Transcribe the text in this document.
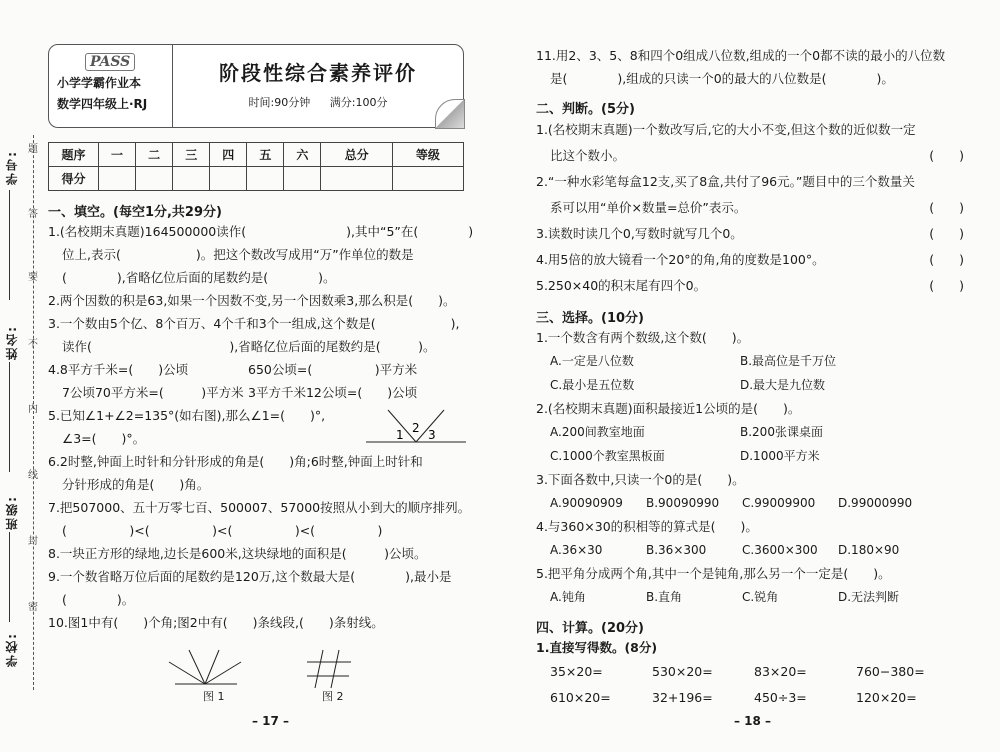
学号:
姓名:
班级:
学校:
题
答
要
不
内
线
封
密
PASS
小学学霸作业本
数学四年级上·RJ
阶段性综合素养评价
时间:90分钟 满分:100分
题序	一	二	三	四	五	六	总分	等级
得分								
一、填空。(每空1分,共29分)
1.(名校期末真题)164500000读作(　　　　　　　　),其中“5”在(　　　　)
位上,表示(　　　　　　)。把这个数改写成用“万”作单位的数是
(　　　　),省略亿位后面的尾数约是(　　　　)。
2.两个因数的积是63,如果一个因数不变,另一个因数乘3,那么积是(　　)。
3.一个数由5个亿、8个百万、4个千和3个一组成,这个数是(　　　　　　),
读作(　　　　　　　　　　　),省略亿位后面的尾数约是(　　　)。
4.8平方千米=(　　)公顷	650公顷=(　　　　　)平方米
7公顷70平方米=(　　　)平方米 3平方千米12公顷=(　　)公顷
5.已知∠1+∠2=135°(如右图),那么∠1=(　　)°,
1 2 3
∠3=(　　)°。
6.2时整,钟面上时针和分针形成的角是(　　)角;6时整,钟面上时针和
分针形成的角是(　　)角。
7.把507000、五十万零七百、500007、57000按照从小到大的顺序排列。
(　　　　　)<(　　　　　)<(　　　　　)<(　　　　　)
8.一块正方形的绿地,边长是600米,这块绿地的面积是(　　　)公顷。
9.一个数省略万位后面的尾数约是120万,这个数最大是(　　　　),最小是
(　　　　)。
10.图1中有(　　)个角;图2中有(　　)条线段,(　　)条射线。
图 1	图 2
– 17 –
11.用2、3、5、8和四个0组成八位数,组成的一个0都不读的最小的八位数
是(　　　　),组成的只读一个0的最大的八位数是(　　　　)。
二、判断。(5分)
1.(名校期末真题)一个数改写后,它的大小不变,但这个数的近似数一定
比这个数小。	(　　)
2.“一种水彩笔每盒12支,买了8盒,共付了96元。”题目中的三个数量关
系可以用“单价×数量=总价”表示。	(　　)
3.读数时读几个0,写数时就写几个0。	(　　)
4.用5倍的放大镜看一个20°的角,角的度数是100°。	(　　)
5.250×40的积末尾有四个0。	(　　)
三、选择。(10分)
1.一个数含有两个数级,这个数(　　)。
A.一定是八位数	B.最高位是千万位
C.最小是五位数	D.最大是九位数
2.(名校期末真题)面积最接近1公顷的是(　　)。
A.200间教室地面	B.200张课桌面
C.1000个教室黑板面	D.1000平方米
3.下面各数中,只读一个0的是(　　)。
A.90090909	B.90090990	C.99009900	D.99000990
4.与360×30的积相等的算式是(　　)。
A.36×30	B.36×300	C.3600×300	D.180×90
5.把平角分成两个角,其中一个是钝角,那么另一个一定是(　　)。
A.钝角	B.直角	C.锐角	D.无法判断
四、计算。(20分)
1.直接写得数。(8分)
35×20=	530×20=	83×20=	760−380=
610×20=	32+196=	450÷3=	120×20=
– 18 –
